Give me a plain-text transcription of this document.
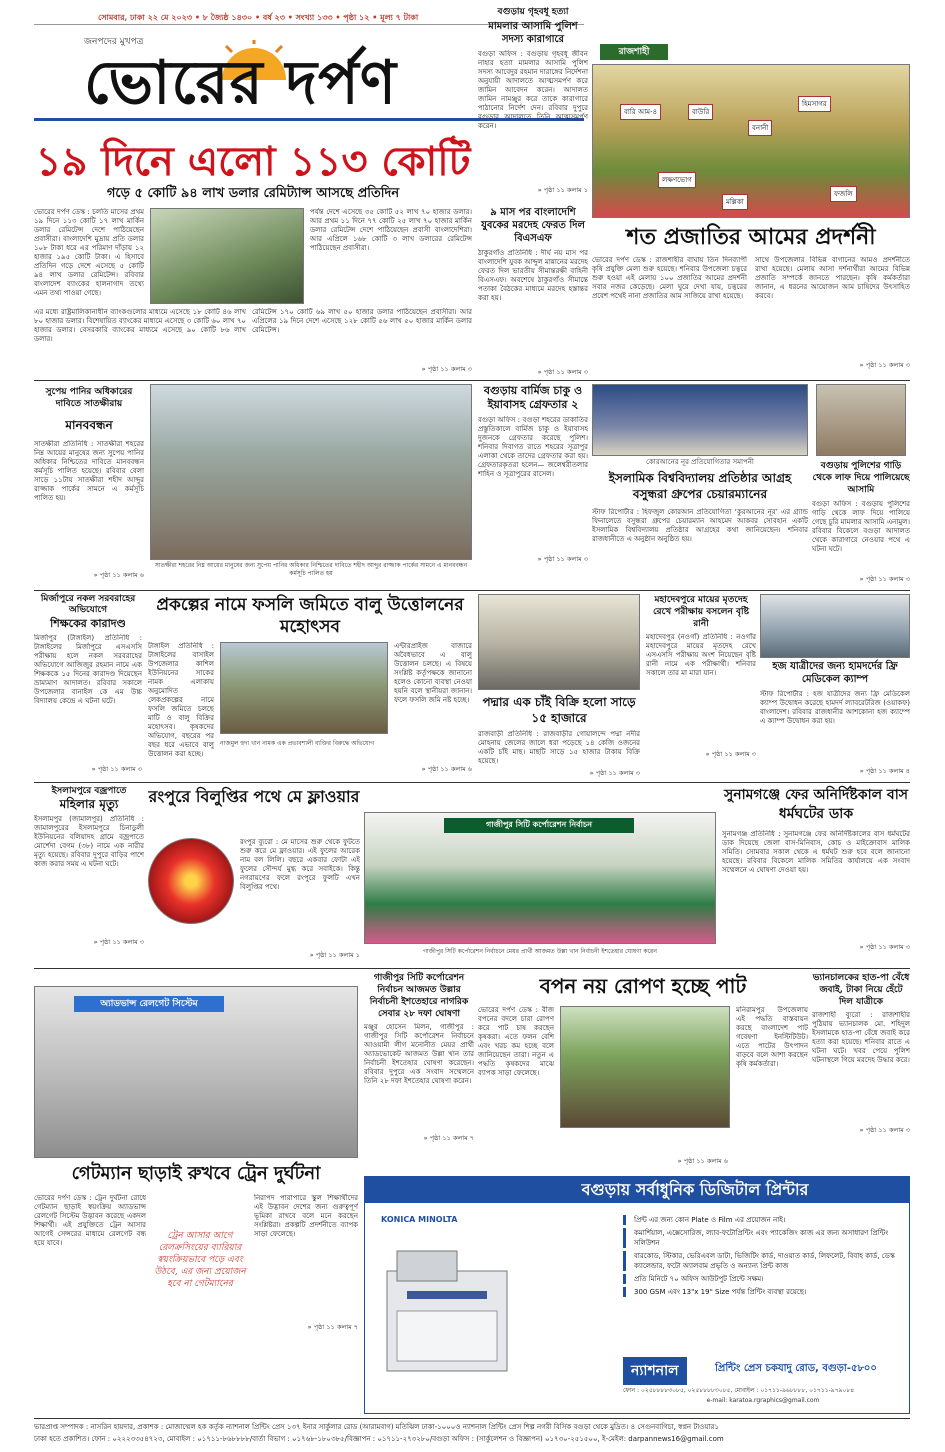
সোমবার, ঢাকা ২২ মে ২০২৩ • ৮ জ্যৈষ্ঠ ১৪৩০ • বর্ষ ২৩ • সংখ্যা ১৩৩ • পৃষ্ঠা ১২ • মূল্য ৭ টাকা
জনপদের মুখপত্র
ভোরের দর্পণ
১৯ দিনে এলো ১১৩ কোটি
গড়ে ৫ কোটি ৯৪ লাখ ডলার রেমিট্যান্স আসছে প্রতিদিন
ভোরের দর্পণ ডেস্ক : চলতি মাসের প্রথম ১৯ দিনে ১১৩ কোটি ১৭ লাখ মার্কিন ডলার রেমিটেন্স দেশে পাঠিয়েছেন প্রবাসীরা। বাংলাদেশি মুদ্রায় প্রতি ডলার ১০৮ টাকা ধরে এর পরিমাণ দাঁড়ায় ১২ হাজার ১৯৫ কোটি টাকা। এ হিসাবে প্রতিদিন গড়ে দেশে এসেছে ৫ কোটি ৯৪ লাখ ডলার রেমিটেন্স। রবিবার বাংলাদেশ ব্যাংকের হালনাগাদ তথ্যে এমন তথ্য পাওয়া গেছে।
পর্যন্ত দেশে এসেছে ৩৫ কোটি ৫২ লাখ ৭০ হাজার ডলার। আর প্রথম ১১ দিনে ৭৭ কোটি ২৫ লাখ ৭০ হাজার মার্কিন ডলার রেমিটেন্স দেশে পাঠিয়েছেন প্রবাসী বাংলাদেশিরা। আর এপ্রিলে ১৬৮ কোটি ৩ লাখ ডলারের রেমিটেন্স পাঠিয়েছেন প্রবাসীরা।
এর মধ্যে রাষ্ট্রমালিকানাধীন ব্যাংকগুলোর মাধ্যমে এসেছে ১৮ কোটি ৪৬ লাখ ৮০ হাজার ডলার। বিশেষায়িত ব্যাংকের মাধ্যমে এসেছে ৩ কোটি ৬০ লাখ ৭০ হাজার ডলার। বেসরকারি ব্যাংকের মাধ্যমে এসেছে ৯০ কোটি ৮৬ লাখ ডলার।
রেমিটেন্স ১৭০ কোটি ৬৯ লাখ ৫০ হাজার ডলার পাঠিয়েছেন প্রবাসীরা। আর এপ্রিলের ১৯ দিনে দেশে এসেছে ১২৮ কোটি ৫৬ লাখ ৫০ হাজার মার্কিন ডলার রেমিটেন্স।
» পৃষ্ঠা ১১ কলাম ৩
বগুড়ায় গৃহবধূ হত্যা
মামলার আসামি পুলিশ সদস্য কারাগারে
বগুড়া অফিস : বগুড়ায় গৃহবধূ জীবন নাহার হত্যা মামলার আসামি পুলিশ সদস্য আবেদুর রহমান দারাঙ্গের নির্দেশনা অনুযায়ী আদালতে আত্মসমর্পণ করে জামিন আবেদন করেন। আদালত জামিন নামঞ্জুর করে তাকে কারাগারে পাঠানোর নির্দেশ দেন। রবিবার দুপুরে বগুড়ার আদালতে তিনি আত্মসমর্পণ করেন।
» পৃষ্ঠা ১১ কলাম ১
৯ মাস পর বাংলাদেশি যুবকের মরদেহ ফেরত দিল বিএসএফ
ঠাকুরগাঁও প্রতিনিধি : দীর্ঘ নয় মাস পর বাংলাদেশি যুবক আব্দুল মান্নানের মরদেহ ফেরত দিল ভারতীয় সীমান্তরক্ষী বাহিনী বিএসএফ। অবশেষে ঠাকুরগাঁও সীমান্তে পতাকা বৈঠকের মাধ্যমে মরদেহ হস্তান্তর করা হয়।
» পৃষ্ঠা ১১ কলাম ৩
রাজশাহী
বারি আম-৪	বাউরি
লক্ষণভোগ
বনানী
হিমসাগর
মল্লিকা
ফজলি
শত প্রজাতির আমের প্রদর্শনী
ভোরের দর্পণ ডেস্ক : রাজশাহীর বাঘায় তিন দিনব্যাপী কৃষি প্রযুক্তি মেলা শুরু হয়েছে। শনিবার উপজেলা চত্বরে শুরু হওয়া এই মেলায় ১০০ প্রজাতির আমের প্রদর্শনী সবার নজর কেড়েছে। মেলা ঘুরে দেখা যায়, চত্বরের প্রবেশ পথেই নানা প্রজাতির আম সাজিয়ে রাখা হয়েছে।
সাথে উপজেলার বিভিন্ন বাগানের আমও প্রদর্শনীতে রাখা হয়েছে। মেলায় আসা দর্শনার্থীরা আমের বিভিন্ন প্রজাতি সম্পর্কে জানতে পারছেন। কৃষি কর্মকর্তারা জানান, এ ধরনের আয়োজন আম চাষিদের উৎসাহিত করবে।
» পৃষ্ঠা ১১ কলাম ৩
সুপেয় পানির অধিকারের দাবিতে সাতক্ষীরায়
মানববন্ধন
সাতক্ষীরা প্রতিনিধি : সাতক্ষীরা শহরের নিম্ন আয়ের মানুষের জন্য সুপেয় পানির অধিকার নিশ্চিতের দাবিতে মানববন্ধন কর্মসূচি পালিত হয়েছে। রবিবার বেলা সাড়ে ১১টায় সাতক্ষীরা শহীদ আব্দুর রাজ্জাক পার্কের সামনে এ কর্মসূচি পালিত হয়।
সাতক্ষীরা শহরের নিম্ন আয়ের মানুষের জন্য সুপেয় পানির অধিকার নিশ্চিতের দাবিতে শহীদ আব্দুর রাজ্জাক পার্কের সামনে এ মানববন্ধন কর্মসূচি পালিত হয়
» পৃষ্ঠা ১১ কলাম ৬
বগুড়ায় বার্মিজ চাকু ও ইয়াবাসহ গ্রেফতার ২
বগুড়া অফিস : বগুড়া শহরের ডাকাতির প্রস্তুতিকালে বার্মিজ চাকু ও ইয়াবাসহ দুজনকে গ্রেফতার করেছে পুলিশ। শনিবার দিবাগত রাতে শহরের সূত্রাপুর এলাকা থেকে তাদের গ্রেফতার করা হয়। গ্রেফতারকৃতরা হলেন— জলেশ্বরীতলার শাহিন ও সূত্রাপুরের রাসেল।
» পৃষ্ঠা ১১ কলাম ৩
কোরআনের নূর প্রতিযোগিতার সমাপনী
ইসলামিক বিশ্ববিদ্যালয় প্রতিষ্ঠার আগ্রহ বসুন্ধরা গ্রুপের চেয়ারম্যানের
স্টাফ রিপোর্টার : হিফজুল কোরআন প্রতিযোগিতা ‘কুরআনের নূর’ এর গ্র্যান্ড ফিনালেতে বসুন্ধরা গ্রুপের চেয়ারম্যান আহমেদ আকবর সোবহান একটি ইসলামিক বিশ্ববিদ্যালয় প্রতিষ্ঠার আগ্রহের কথা জানিয়েছেন। শনিবার রাজধানীতে এ অনুষ্ঠান অনুষ্ঠিত হয়।
বগুড়ায় পুলিশের গাড়ি থেকে লাফ দিয়ে পালিয়েছে আসামি
বগুড়া অফিস : বগুড়ায় পুলিশের গাড়ি থেকে লাফ দিয়ে পালিয়ে গেছে চুরি মামলার আসামি এনামুল। রবিবার বিকেলে বগুড়া আদালত থেকে কারাগারে নেওয়ার পথে এ ঘটনা ঘটে।
» পৃষ্ঠা ১১ কলাম ৩
মির্জাপুরে নকল সরবরাহের অভিযোগে
শিক্ষকের কারাদণ্ড
মির্জাপুর (টাঙ্গাইল) প্রতিনিধি : টাঙ্গাইলের মির্জাপুরে এসএসসি পরীক্ষায় হলে নকল সরবরাহের অভিযোগে আজিজুর রহমান নামে এক শিক্ষককে ১৫ দিনের কারাদণ্ড দিয়েছেন ভ্রাম্যমাণ আদালত। রবিবার সকালে উপজেলার বানাইল কে এম উচ্চ বিদ্যালয় কেন্দ্রে এ ঘটনা ঘটে।
» পৃষ্ঠা ১১ কলাম ৩
প্রকল্পের নামে ফসলি জমিতে বালু উত্তোলনের মহোৎসব
টাঙ্গাইল প্রতিনিধি : টাঙ্গাইলের বাসাইল উপজেলার কাশিল ইউনিয়নের সাকের নামক এলাকায় অনুমোদিত লেকপ্রকল্পের নামে ফসলি জমিতে চলছে মাটি ও বালু বিক্রির মহোৎসব। কৃষকদের অভিযোগ, বছরের পর বছর ধরে এভাবে বালু উত্তোলন করা হচ্ছে।
এন্টারপ্রাইজ বাজারে অবৈধভাবে এ বালু উত্তোলন চলছে। এ বিষয়ে সংশ্লিষ্ট কর্তৃপক্ষকে জানানো হলেও কোনো ব্যবস্থা নেওয়া হয়নি বলে স্থানীয়রা জানান। ফলে ফসলি জমি নষ্ট হচ্ছে।
নাজমুল হুদা খান নামক এক প্রভাবশালী ব্যক্তির বিরুদ্ধে অভিযোগ
» পৃষ্ঠা ১১ কলাম ৬
পদ্মার এক চাঁই বিক্রি হলো সাড়ে ১৫ হাজারে
রাজবাড়ী প্রতিনিধি : রাজবাড়ীর গোয়ালন্দে পদ্মা নদীর মোহনায় জেলের জালে ধরা পড়েছে ১৪ কেজি ওজনের একটি চাঁই মাছ। মাছটি সাড়ে ১৫ হাজার টাকায় বিক্রি হয়েছে।
» পৃষ্ঠা ১১ কলাম ৩
মহাদেবপুরে মায়ের মৃতদেহ রেখে পরীক্ষায় বসলেন বৃষ্টি রানী
মহাদেবপুর (নওগাঁ) প্রতিনিধি : নওগাঁর মহাদেবপুরে মায়ের মৃতদেহ রেখে এসএসসি পরীক্ষায় অংশ নিয়েছেন বৃষ্টি রানী নামে এক পরীক্ষার্থী। শনিবার সকালে তার মা মারা যান।
» পৃষ্ঠা ১১ কলাম ৩
হজ যাত্রীদের জন্য হামদর্দের ফ্রি মেডিকেল ক্যাম্প
স্টাফ রিপোর্টার : হজ যাত্রীদের জন্য ফ্রি মেডিকেল ক্যাম্প উদ্বোধন করেছে হামদর্দ ল্যাবরেটরিজ (ওয়াকফ) বাংলাদেশ। রবিবার রাজধানীর আশকোনা হজ ক্যাম্পে এ ক্যাম্প উদ্বোধন করা হয়।
» পৃষ্ঠা ১১ কলাম ৪
ইসলামপুরে বজ্রপাতে
মহিলার মৃত্যু
ইসলামপুর (জামালপুর) প্রতিনিধি : জামালপুরের ইসলামপুরে চিনাডুলী ইউনিয়নের বলিয়াদহ গ্রামে বজ্রপাতে মোর্শেদা বেগম (৩৮) নামে এক নারীর মৃত্যু হয়েছে। রবিবার দুপুরে বাড়ির পাশে কাজ করার সময় এ ঘটনা ঘটে।
» পৃষ্ঠা ১১ কলাম ৩
রংপুরে বিলুপ্তির পথে মে ফ্লাওয়ার
রংপুর ব্যুরো : মে মাসের শুরু থেকে ফুটতে শুরু করে মে ফ্লাওয়ার। এই ফুলের আরেক নাম বল লিলি। বছরে একবার ফোটা এই ফুলের সৌন্দর্য মুগ্ধ করে সবাইকে। কিন্তু নগরায়ণের ফলে রংপুরে ফুলটি এখন বিলুপ্তির পথে।
» পৃষ্ঠা ১১ কলাম ১
গাজীপুর সিটি কর্পোরেশন নির্বাচন
গাজীপুর সিটি কর্পোরেশন নির্বাচনে মেয়র প্রার্থী আজমত উল্লা খান নির্বাচনী ইশতেহার ঘোষণা করেন
সুনামগঞ্জে ফের অনির্দিষ্টকাল বাস ধর্মঘটের ডাক
সুনামগঞ্জ প্রতিনিধি : সুনামগঞ্জে ফের অনির্দিষ্টকালের বাস ধর্মঘটের ডাক দিয়েছে জেলা বাস-মিনিবাস, কোচ ও মাইক্রোবাস মালিক সমিতি। সোমবার সকাল থেকে এ ধর্মঘট শুরু হবে বলে জানানো হয়েছে। রবিবার বিকেলে মালিক সমিতির কার্যালয়ে এক সংবাদ সম্মেলনে এ ঘোষণা দেওয়া হয়।
» পৃষ্ঠা ১১ কলাম ৩
অ্যাডভান্স রেলগেট সিস্টেম
গেটম্যান ছাড়াই রুখবে ট্রেন দুর্ঘটনা
ভোরের দর্পণ ডেস্ক : ট্রেন দুর্ঘটনা রোধে গেটম্যান ছাড়াই স্বয়ংক্রিয় অ্যাডভান্স রেলগেট সিস্টেম উদ্ভাবন করেছে একদল শিক্ষার্থী। এই প্রযুক্তিতে ট্রেন আসার আগেই সেন্সরের মাধ্যমে রেলগেট বন্ধ হয়ে যাবে।
ট্রেন আসার আগে রেলক্রসিংয়ের ব্যারিয়ার স্বয়ংক্রিয়ভাবে পড়ে এবং উঠবে, এর জন্য প্রয়োজন হবে না গেটম্যানের
নিরাপদ পারাপারে স্কুল শিক্ষার্থীদের এই উদ্ভাবন দেশের জন্য গুরুত্বপূর্ণ ভূমিকা রাখবে বলে মনে করছেন সংশ্লিষ্টরা। প্রকল্পটি প্রদর্শনীতে ব্যাপক সাড়া ফেলেছে।
» পৃষ্ঠা ১১ কলাম ৭
গাজীপুর সিটি কর্পোরেশন নির্বাচন আজমত উল্লার নির্বাচনী ইশতেহারে নাগরিক সেবার ২৮ দফা ঘোষণা
মঞ্জুর হোসেন মিলন, গাজীপুর : গাজীপুর সিটি কর্পোরেশন নির্বাচনে আওয়ামী লীগ মনোনীত মেয়র প্রার্থী অ্যাডভোকেট আজমত উল্লা খান তার নির্বাচনী ইশতেহার ঘোষণা করেছেন। রবিবার দুপুরে এক সংবাদ সম্মেলনে তিনি ২৮ দফা ইশতেহার ঘোষণা করেন।
» পৃষ্ঠা ১১ কলাম ৭
বপন নয় রোপণ হচ্ছে পাট
ভোরের দর্পণ ডেস্ক : বীজ বপনের বদলে চারা রোপণ করে পাট চাষ করছেন কৃষকরা। এতে ফলন বেশি এবং খরচ কম হচ্ছে বলে জানিয়েছেন তারা। নতুন এ পদ্ধতি কৃষকদের মাঝে ব্যাপক সাড়া ফেলেছে।
মনিরামপুর উপজেলায় এই পদ্ধতি বাস্তবায়ন করছে বাংলাদেশ পাট গবেষণা ইনস্টিটিউট। এতে পাটের উৎপাদন বাড়বে বলে আশা করছেন কৃষি কর্মকর্তারা।
» পৃষ্ঠা ১১ কলাম ৬
ভ্যানচালকের হাত-পা বেঁধে জবাই, টাকা নিয়ে হেঁটে দিল যাত্রীকে
রাজশাহী ব্যুরো : রাজশাহীর পুঠিয়ায় ভ্যানচালক মো. শহিদুল ইসলামকে হাত-পা বেঁধে জবাই করে হত্যা করা হয়েছে। শনিবার রাতে এ ঘটনা ঘটে। খবর পেয়ে পুলিশ ঘটনাস্থলে গিয়ে মরদেহ উদ্ধার করে।
» পৃষ্ঠা ১১ কলাম ৩
বগুড়ায় সর্বাধুনিক ডিজিটাল প্রিন্টার
KONICA MINOLTA	প্রিন্ট এর জন্য কোন Plate ও Film এর প্রয়োজন নাই।
কমার্শিয়াল, এক্সেসোরিজ, ল্যাব-ফটোপ্রিন্টিং এবং প্যাকেজিং কাজ এর জন্য অসাধারণ প্রিন্টিং সলিউশন
বারকোড, স্টিকার, ভেরিএবল ডাটা, ভিজিটিং কার্ড, দাওয়াত কার্ড, লিফলেট, বিবাহ কার্ড, ডেস্ক ক্যালেন্ডার, ফটো অ্যালবাম প্রভৃতি ও অন্যান্য প্রিন্ট কাজ
প্রতি মিনিটে ৭০ অফিস আউটপুট প্রিন্টে সক্ষম।
300 GSM এবং 13"x 19" Size পর্যন্ত প্রিন্টিং ব্যবস্থা রয়েছে।
ন্যাশনাল	প্রিন্টিং প্রেস চকযাদু রোড, বগুড়া-৫৮০০
ফোন : ০২৫৮৮৮৮৩০৮৫, ০২৫৮৮৮৮৩০৮৫, মোবাইল : ০১৭১১-৯৬৮৮৮৮, ০১৭১১-৯৭৯০৮৪
e-mail: karatoa.rgraphics@gmail.com
ভারপ্রাপ্ত সম্পাদক : নাসরিন হায়দার, প্রকাশক : মোজাম্মেল হক কর্তৃক ন্যাশনাল প্রিন্টিং প্রেস ১৩৭ ইনার সার্কুলার রোড (আরামবাগ) মতিঝিল ঢাকা-১০০০ও ন্যাশনাল প্রিন্টিং প্রেস শিল্প নগরী বিসিক বগুড়া থেকে মুদ্রিত। ৪ সেগুনবাগিচা, স্বপ্নন টাওয়ার১
ঢাকা হতে প্রকাশিত। ফোন : ০২২২৩৩৫৪৭২৩, মোবাইল : ০১৭১১-৮৬৮৮৮৮/বার্তা বিভাগ : ০১৭৬৮-১৮০৩৮৫/বিজ্ঞাপন : ০১৭১১-২৭৩২৮০/বগুড়া অফিস : (সার্কুলেশন ও বিজ্ঞাপন) ০১৭৩০-২৫১৫০০, ই-মেইল: darpannews16@gmail.com
